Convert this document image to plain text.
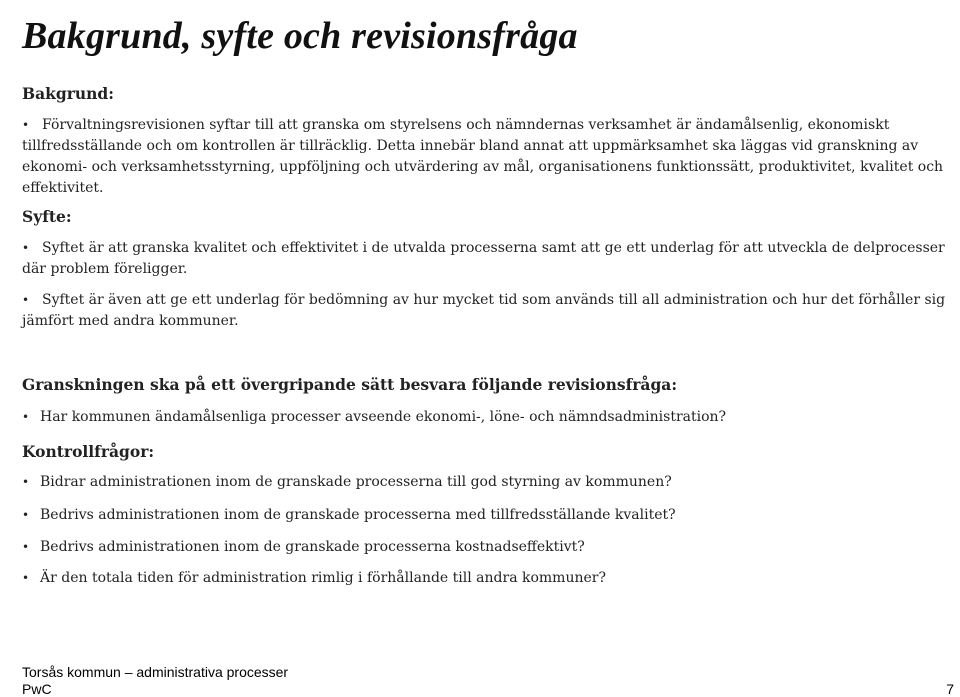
Bakgrund, syfte och revisionsfråga
Bakgrund:
• Förvaltningsrevisionen syftar till att granska om styrelsens och nämndernas verksamhet är ändamålsenlig, ekonomiskt tillfredsställande och om kontrollen är tillräcklig. Detta innebär bland annat att uppmärksamhet ska läggas vid granskning av ekonomi- och verksamhetsstyrning, uppföljning och utvärdering av mål, organisationens funktionssätt, produktivitet, kvalitet och effektivitet.
Syfte:
• Syftet är att granska kvalitet och effektivitet i de utvalda processerna samt att ge ett underlag för att utveckla de delprocesser där problem föreligger.
• Syftet är även att ge ett underlag för bedömning av hur mycket tid som används till all administration och hur det förhåller sig jämfört med andra kommuner.
Granskningen ska på ett övergripande sätt besvara följande revisionsfråga:
• Har kommunen ändamålsenliga processer avseende ekonomi-, löne- och nämndsadministration?
Kontrollfrågor:
• Bidrar administrationen inom de granskade processerna till god styrning av kommunen?
• Bedrivs administrationen inom de granskade processerna med tillfredsställande kvalitet?
• Bedrivs administrationen inom de granskade processerna kostnadseffektivt?
• Är den totala tiden för administration rimlig i förhållande till andra kommuner?
Torsås kommun – administrativa processer
PwC	7
